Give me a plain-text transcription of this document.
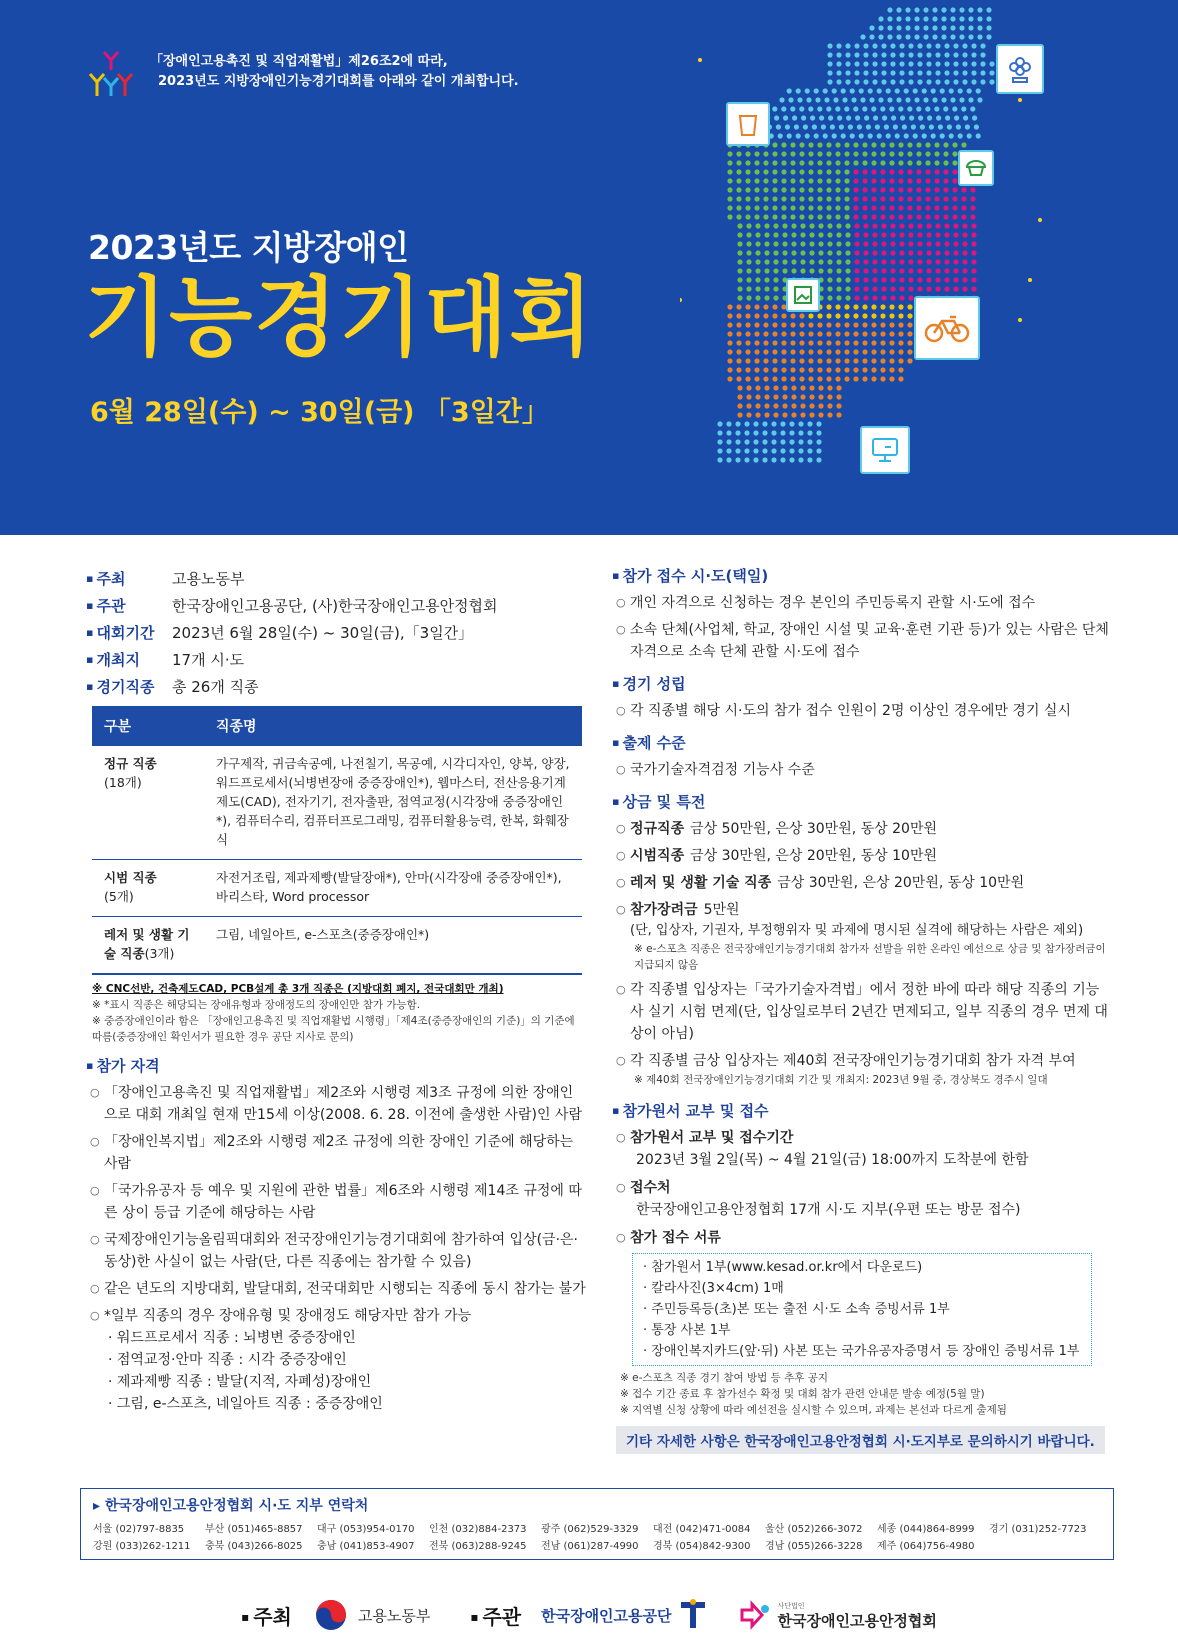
「장애인고용촉진 및 직업재활법」제26조2에 따라,
2023년도 지방장애인기능경기대회를 아래와 같이 개최합니다.
2023년도 지방장애인
기능경기대회
6월 28일(수) ~ 30일(금) 「3일간」
▪ 주최	고용노동부
▪ 주관	한국장애인고용공단, (사)한국장애인고용안정협회
▪ 대회기간	2023년 6월 28일(수) ~ 30일(금),「3일간」
▪ 개최지	17개 시·도
▪ 경기직종	총 26개 직종
구분	직종명

정규 직종
(18개)	가구제작, 귀금속공예, 나전칠기, 목공예, 시각디자인, 양복, 양장, 워드프로세서(뇌병변장애 중증장애인*), 웹마스터, 전산응용기계제도(CAD), 전자기기, 전자출판, 점역교정(시각장애 중증장애인*), 컴퓨터수리, 컴퓨터프로그래밍, 컴퓨터활용능력, 한복, 화훼장식

시범 직종
(5개)	자전거조립, 제과제빵(발달장애*), 안마(시각장애 중증장애인*), 바리스타, Word processor
레저 및 생활 기술 직종(3개)	그림, 네일아트, e-스포츠(중증장애인*)
※ CNC선반, 건축제도CAD, PCB설계 총 3개 직종은 (지방대회 폐지, 전국대회만 개최)
※ *표시 직종은 해당되는 장애유형과 장애정도의 장애인만 참가 가능함.
※ 중증장애인이라 함은 「장애인고용촉진 및 직업재활법 시행령」「제4조(중증장애인의 기준)」의 기준에 따름(중증장애인 확인서가 필요한 경우 공단 지사로 문의)
▪ 참가 자격
○ 「장애인고용촉진 및 직업재활법」제2조와 시행령 제3조 규정에 의한 장애인으로 대회 개최일 현재 만15세 이상(2008. 6. 28. 이전에 출생한 사람)인 사람
○ 「장애인복지법」제2조와 시행령 제2조 규정에 의한 장애인 기준에 해당하는 사람
○ 「국가유공자 등 예우 및 지원에 관한 법률」제6조와 시행령 제14조 규정에 따른 상이 등급 기준에 해당하는 사람
○ 국제장애인기능올림픽대회와 전국장애인기능경기대회에 참가하여 입상(금·은·동상)한 사실이 없는 사람(단, 다른 직종에는 참가할 수 있음)
○ 같은 년도의 지방대회, 발달대회, 전국대회만 시행되는 직종에 동시 참가는 불가
○ *일부 직종의 경우 장애유형 및 장애정도 해당자만 참가 가능
· 워드프로세서 직종 : 뇌병변 중증장애인
· 점역교정·안마 직종 : 시각 중증장애인
· 제과제빵 직종 : 발달(지적, 자폐성)장애인
· 그림, e-스포츠, 네일아트 직종 : 중증장애인
▪ 참가 접수 시·도(택일)
○ 개인 자격으로 신청하는 경우 본인의 주민등록지 관할 시·도에 접수
○ 소속 단체(사업체, 학교, 장애인 시설 및 교육·훈련 기관 등)가 있는 사람은 단체 자격으로 소속 단체 관할 시·도에 접수
▪ 경기 성립
○ 각 직종별 해당 시·도의 참가 접수 인원이 2명 이상인 경우에만 경기 실시
▪ 출제 수준
○ 국가기술자격검정 기능사 수준
▪ 상금 및 특전
○ 정규직종 금상 50만원, 은상 30만원, 동상 20만원
○ 시범직종 금상 30만원, 은상 20만원, 동상 10만원
○ 레저 및 생활 기술 직종 금상 30만원, 은상 20만원, 동상 10만원
○ 참가장려금 5만원
(단, 입상자, 기권자, 부정행위자 및 과제에 명시된 실격에 해당하는 사람은 제외)
※ e-스포츠 직종은 전국장애인기능경기대회 참가자 선발을 위한 온라인 예선으로 상금 및 참가장려금이 지급되지 않음
○ 각 직종별 입상자는「국가기술자격법」에서 정한 바에 따라 해당 직종의 기능사 실기 시험 면제(단, 입상일로부터 2년간 면제되고, 일부 직종의 경우 면제 대상이 아님)
○ 각 직종별 금상 입상자는 제40회 전국장애인기능경기대회 참가 자격 부여
※ 제40회 전국장애인기능경기대회 기간 및 개최지: 2023년 9월 중, 경상북도 경주시 일대
▪ 참가원서 교부 및 접수
○ 참가원서 교부 및 접수기간
2023년 3월 2일(목) ~ 4월 21일(금) 18:00까지 도착분에 한함
○ 접수처
한국장애인고용안정협회 17개 시·도 지부(우편 또는 방문 접수)
○ 참가 접수 서류
· 참가원서 1부(www.kesad.or.kr에서 다운로드)
· 칼라사진(3×4cm) 1매
· 주민등록등(초)본 또는 출전 시·도 소속 증빙서류 1부
· 통장 사본 1부
· 장애인복지카드(앞·뒤) 사본 또는 국가유공자증명서 등 장애인 증빙서류 1부
※ e-스포츠 직종 경기 참여 방법 등 추후 공지
※ 접수 기간 종료 후 참가선수 확정 및 대회 참가 관련 안내문 발송 예정(5월 말)
※ 지역별 신청 상황에 따라 예선전을 실시할 수 있으며, 과제는 본선과 다르게 출제됨
기타 자세한 사항은 한국장애인고용안정협회 시·도지부로 문의하시기 바랍니다.
▸ 한국장애인고용안정협회 시·도 지부 연락처
서울 (02)797-8835	부산 (051)465-8857	대구 (053)954-0170	인천 (032)884-2373	광주 (062)529-3329	대전 (042)471-0084	울산 (052)266-3072	세종 (044)864-8999	경기 (031)252-7723
강원 (033)262-1211	충북 (043)266-8025	충남 (041)853-4907	전북 (063)288-9245	전남 (061)287-4990	경북 (054)842-9300	경남 (055)266-3228	제주 (064)756-4980
▪ 주최	고용노동부	▪ 주관 한국장애인고용공단
사단법인
한국장애인고용안정협회
